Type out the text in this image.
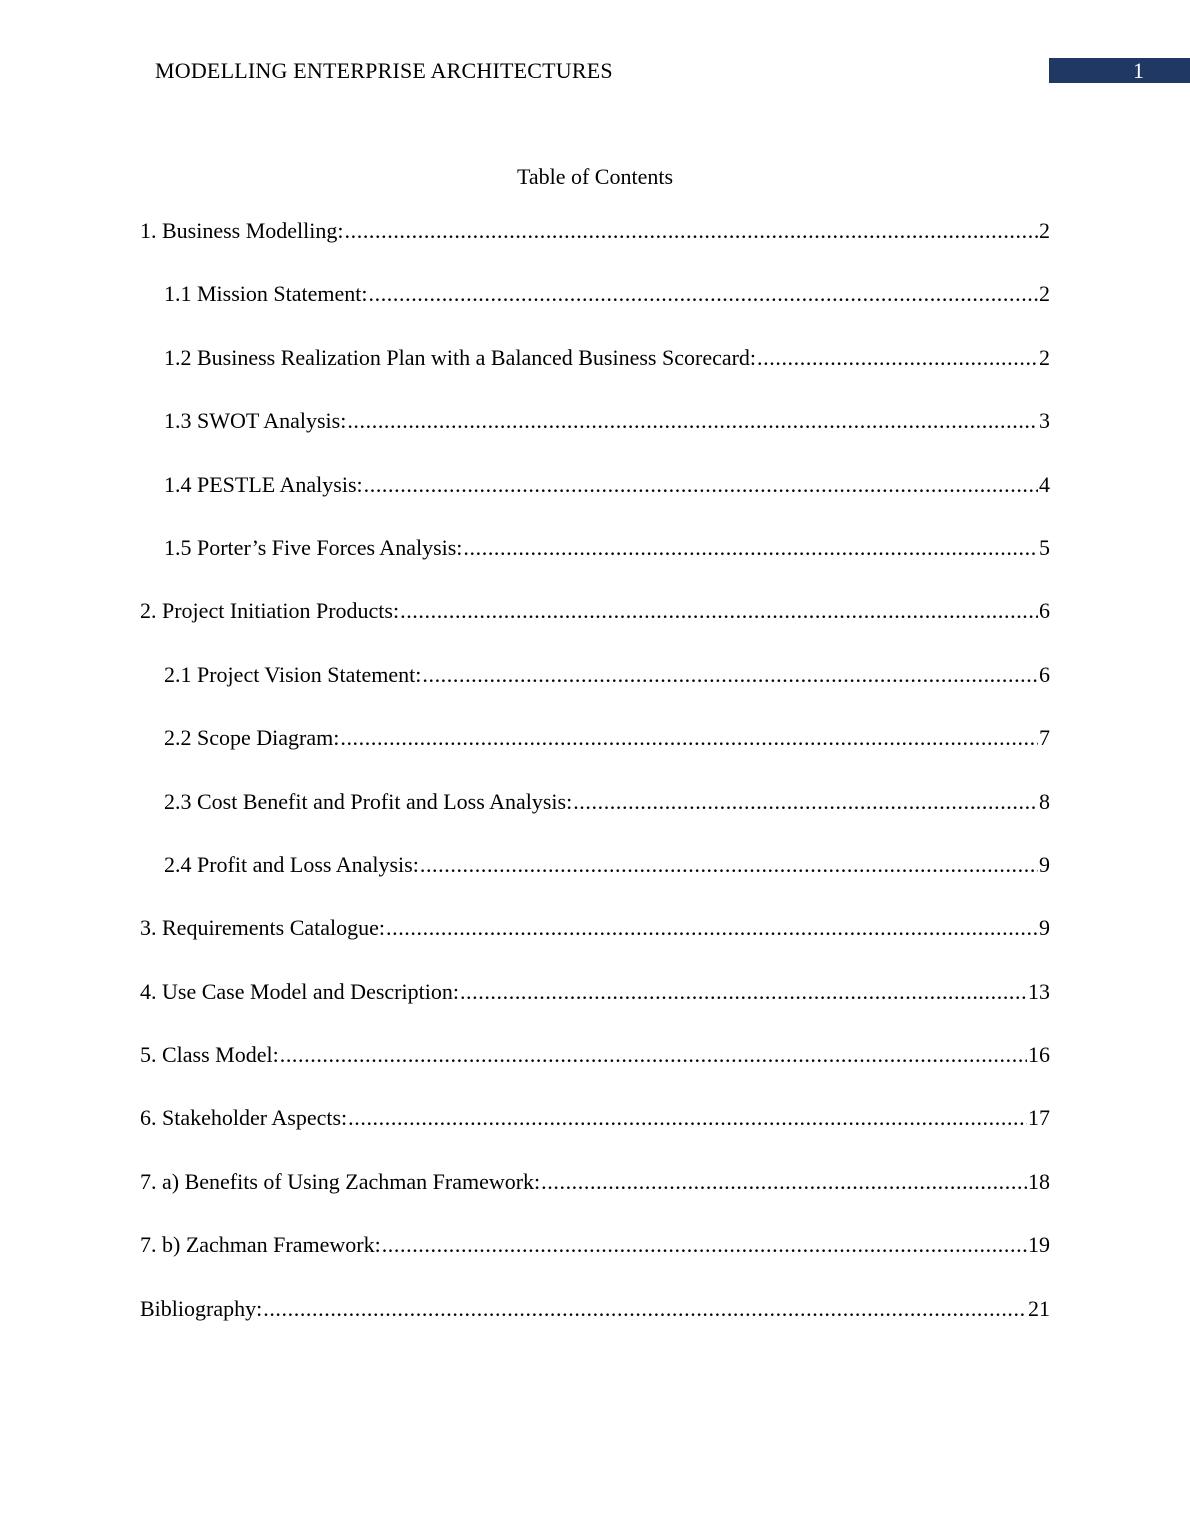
MODELLING ENTERPRISE ARCHITECTURES	1
Table of Contents
1. Business Modelling: .....	2
1.1 Mission Statement: .....	2
1.2 Business Realization Plan with a Balanced Business Scorecard: .....	2
1.3 SWOT Analysis: .....	3
1.4 PESTLE Analysis: .....	4
1.5 Porter’s Five Forces Analysis: .....	5
2. Project Initiation Products: .....	6
2.1 Project Vision Statement: .....	6
2.2 Scope Diagram: .....	7
2.3 Cost Benefit and Profit and Loss Analysis: .....	8
2.4 Profit and Loss Analysis: .....	9
3. Requirements Catalogue: .....	9
4. Use Case Model and Description: .....	13
5. Class Model: .....	16
6. Stakeholder Aspects: .....	17
7. a) Benefits of Using Zachman Framework: .....	18
7. b) Zachman Framework: .....	19
Bibliography: .....	21
